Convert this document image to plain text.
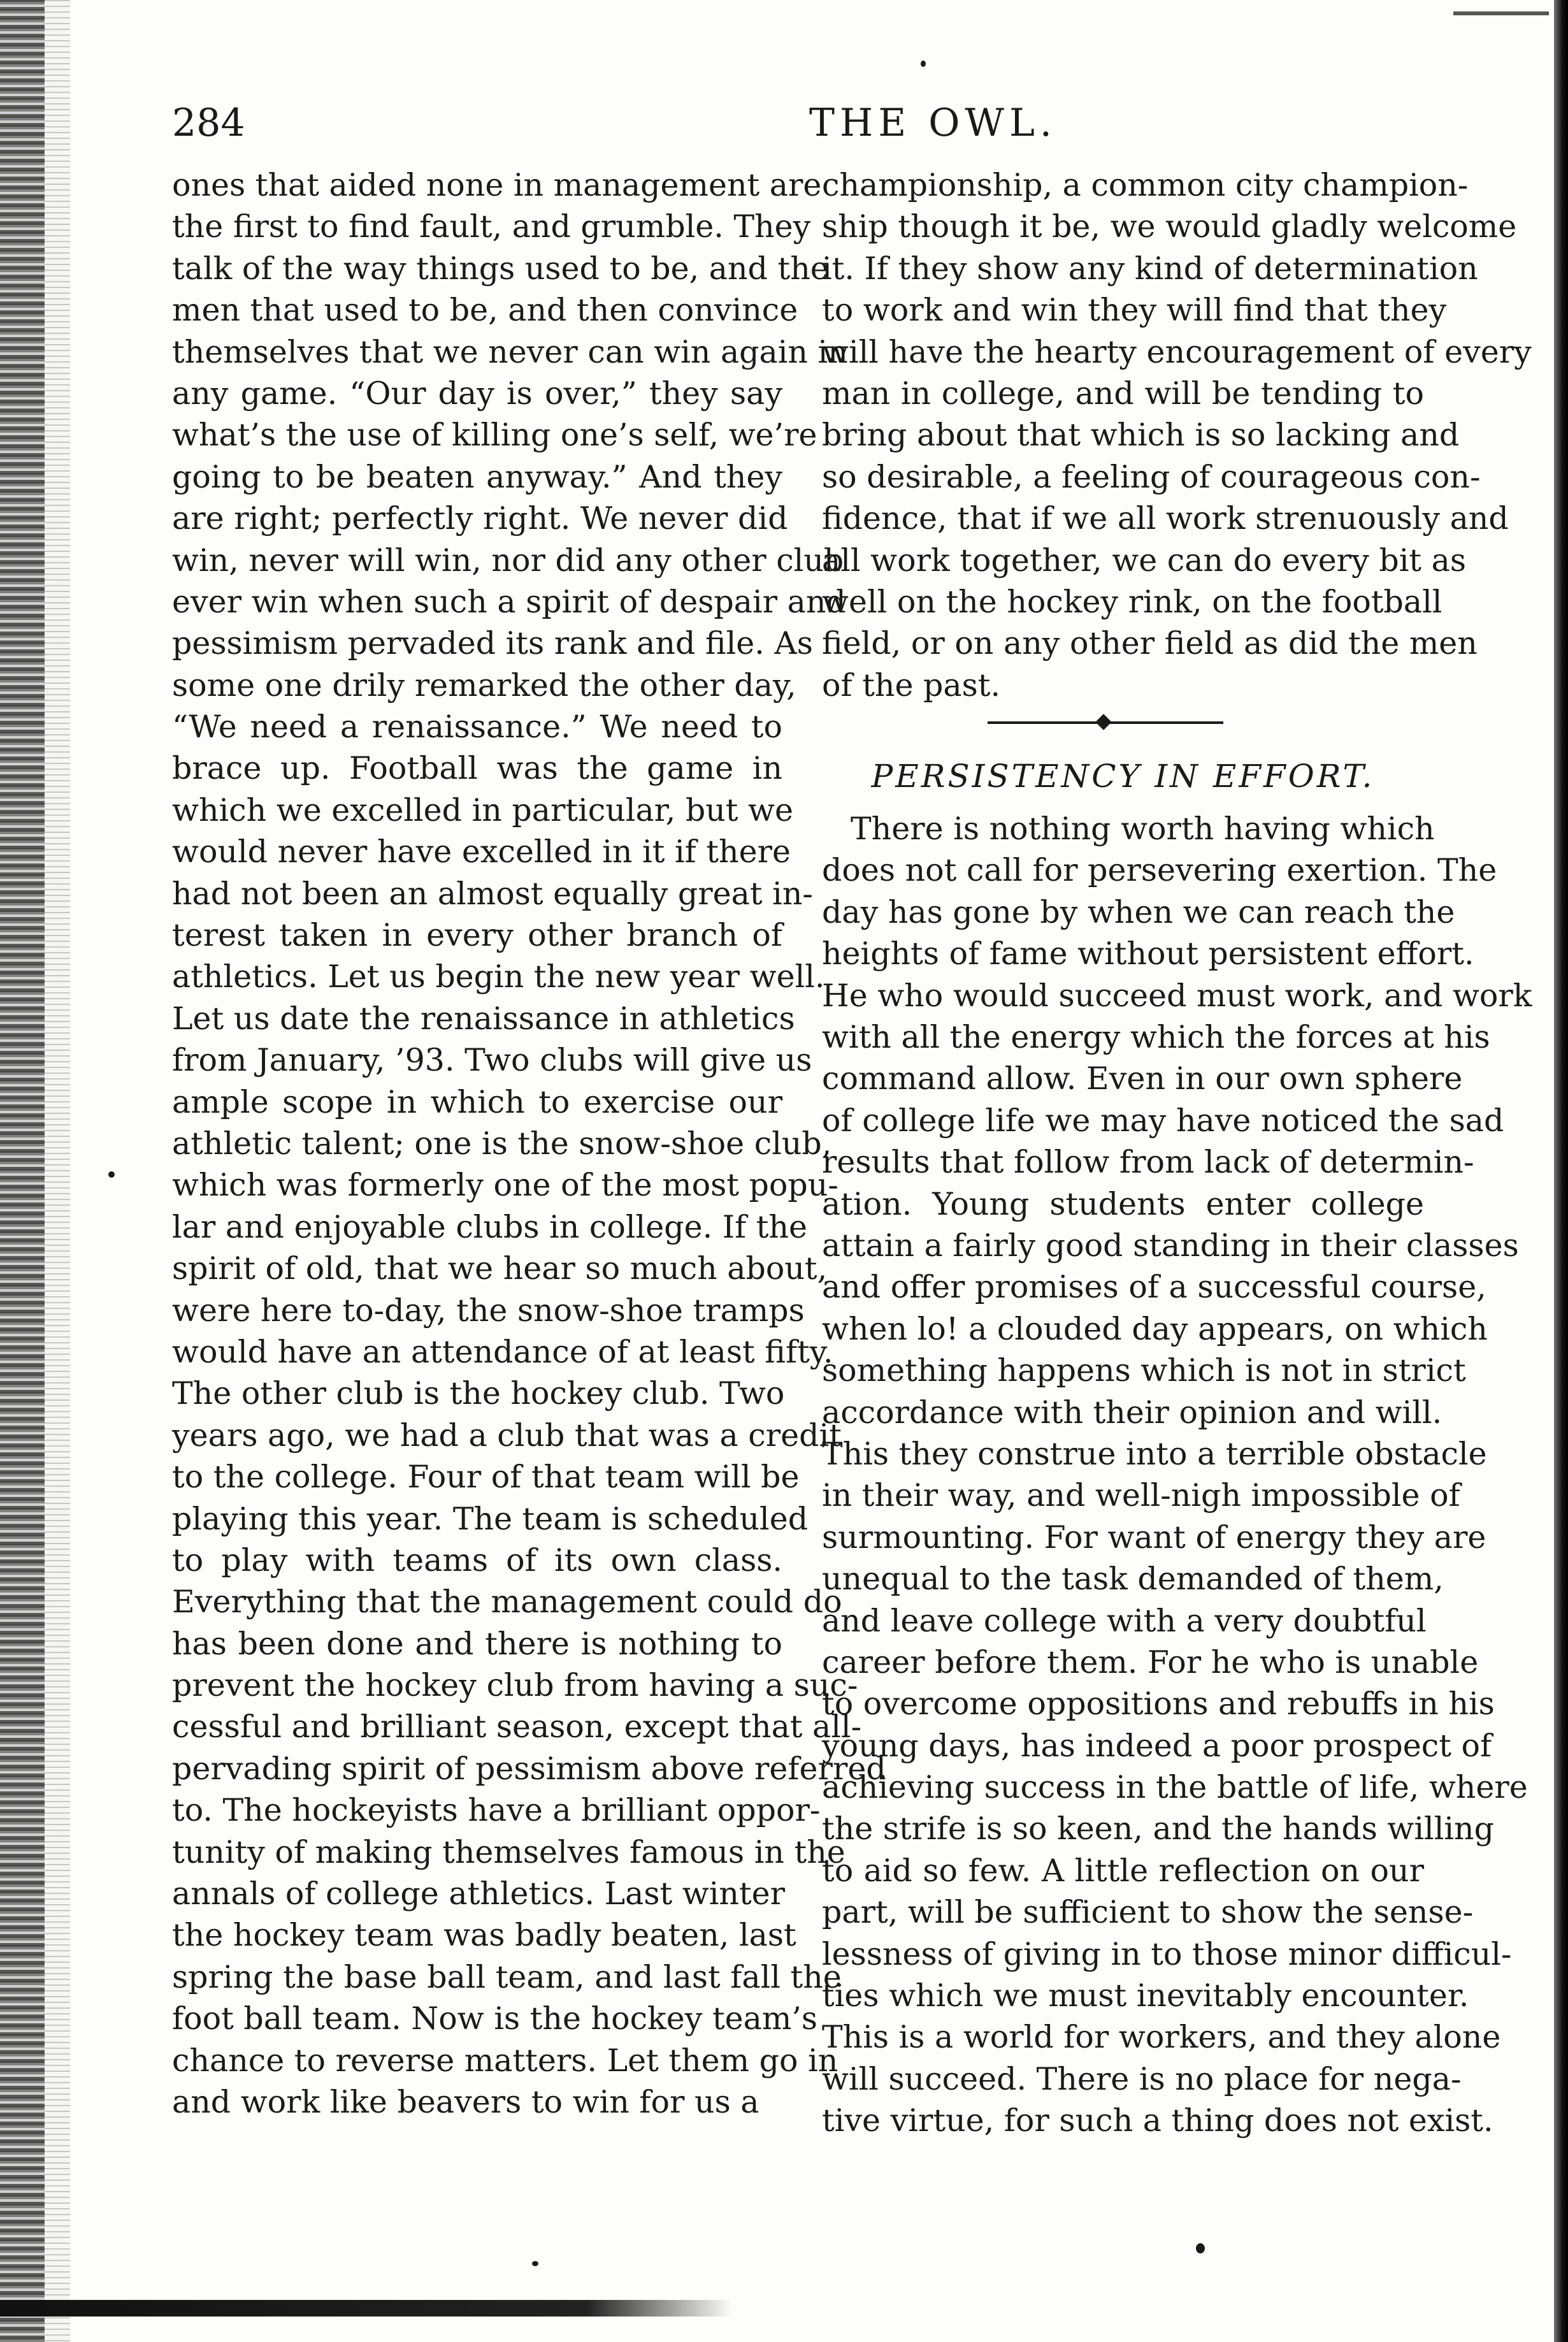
284	THE OWL.
ones that aided none in management are
the first to find fault, and grumble. They
talk of the way things used to be, and the
men that used to be, and then convince
themselves that we never can win again in
any game. “Our day is over,” they say
what’s the use of killing one’s self, we’re
going to be beaten anyway.” And they
are right; perfectly right. We never did
win, never will win, nor did any other club
ever win when such a spirit of despair and
pessimism pervaded its rank and file. As
some one drily remarked the other day,
“We need a renaissance.” We need to
brace up. Football was the game in
which we excelled in particular, but we
would never have excelled in it if there
had not been an almost equally great in-
terest taken in every other branch of
athletics. Let us begin the new year well.
Let us date the renaissance in athletics
from January, ’93. Two clubs will give us
ample scope in which to exercise our
athletic talent; one is the snow-shoe club,
which was formerly one of the most popu-
lar and enjoyable clubs in college. If the
spirit of old, that we hear so much about,
were here to-day, the snow-shoe tramps
would have an attendance of at least fifty.
The other club is the hockey club. Two
years ago, we had a club that was a credit
to the college. Four of that team will be
playing this year. The team is scheduled
to play with teams of its own class.
Everything that the management could do
has been done and there is nothing to
prevent the hockey club from having a suc-
cessful and brilliant season, except that all-
pervading spirit of pessimism above referred
to. The hockeyists have a brilliant oppor-
tunity of making themselves famous in the
annals of college athletics. Last winter
the hockey team was badly beaten, last
spring the base ball team, and last fall the
foot ball team. Now is the hockey team’s
chance to reverse matters. Let them go in
and work like beavers to win for us a
championship, a common city champion-
ship though it be, we would gladly welcome
it. If they show any kind of determination
to work and win they will find that they
will have the hearty encouragement of every
man in college, and will be tending to
bring about that which is so lacking and
so desirable, a feeling of courageous con-
fidence, that if we all work strenuously and
all work together, we can do every bit as
well on the hockey rink, on the football
field, or on any other field as did the men
of the past.
PERSISTENCY IN EFFORT.
There is nothing worth having which
does not call for persevering exertion. The
day has gone by when we can reach the
heights of fame without persistent effort.
He who would succeed must work, and work
with all the energy which the forces at his
command allow. Even in our own sphere
of college life we may have noticed the sad
results that follow from lack of determin-
ation. Young students enter college
attain a fairly good standing in their classes
and offer promises of a successful course,
when lo! a clouded day appears, on which
something happens which is not in strict
accordance with their opinion and will.
This they construe into a terrible obstacle
in their way, and well-nigh impossible of
surmounting. For want of energy they are
unequal to the task demanded of them,
and leave college with a very doubtful
career before them. For he who is unable
to overcome oppositions and rebuffs in his
young days, has indeed a poor prospect of
achieving success in the battle of life, where
the strife is so keen, and the hands willing
to aid so few. A little reflection on our
part, will be sufficient to show the sense-
lessness of giving in to those minor difficul-
ties which we must inevitably encounter.
This is a world for workers, and they alone
will succeed. There is no place for nega-
tive virtue, for such a thing does not exist.
